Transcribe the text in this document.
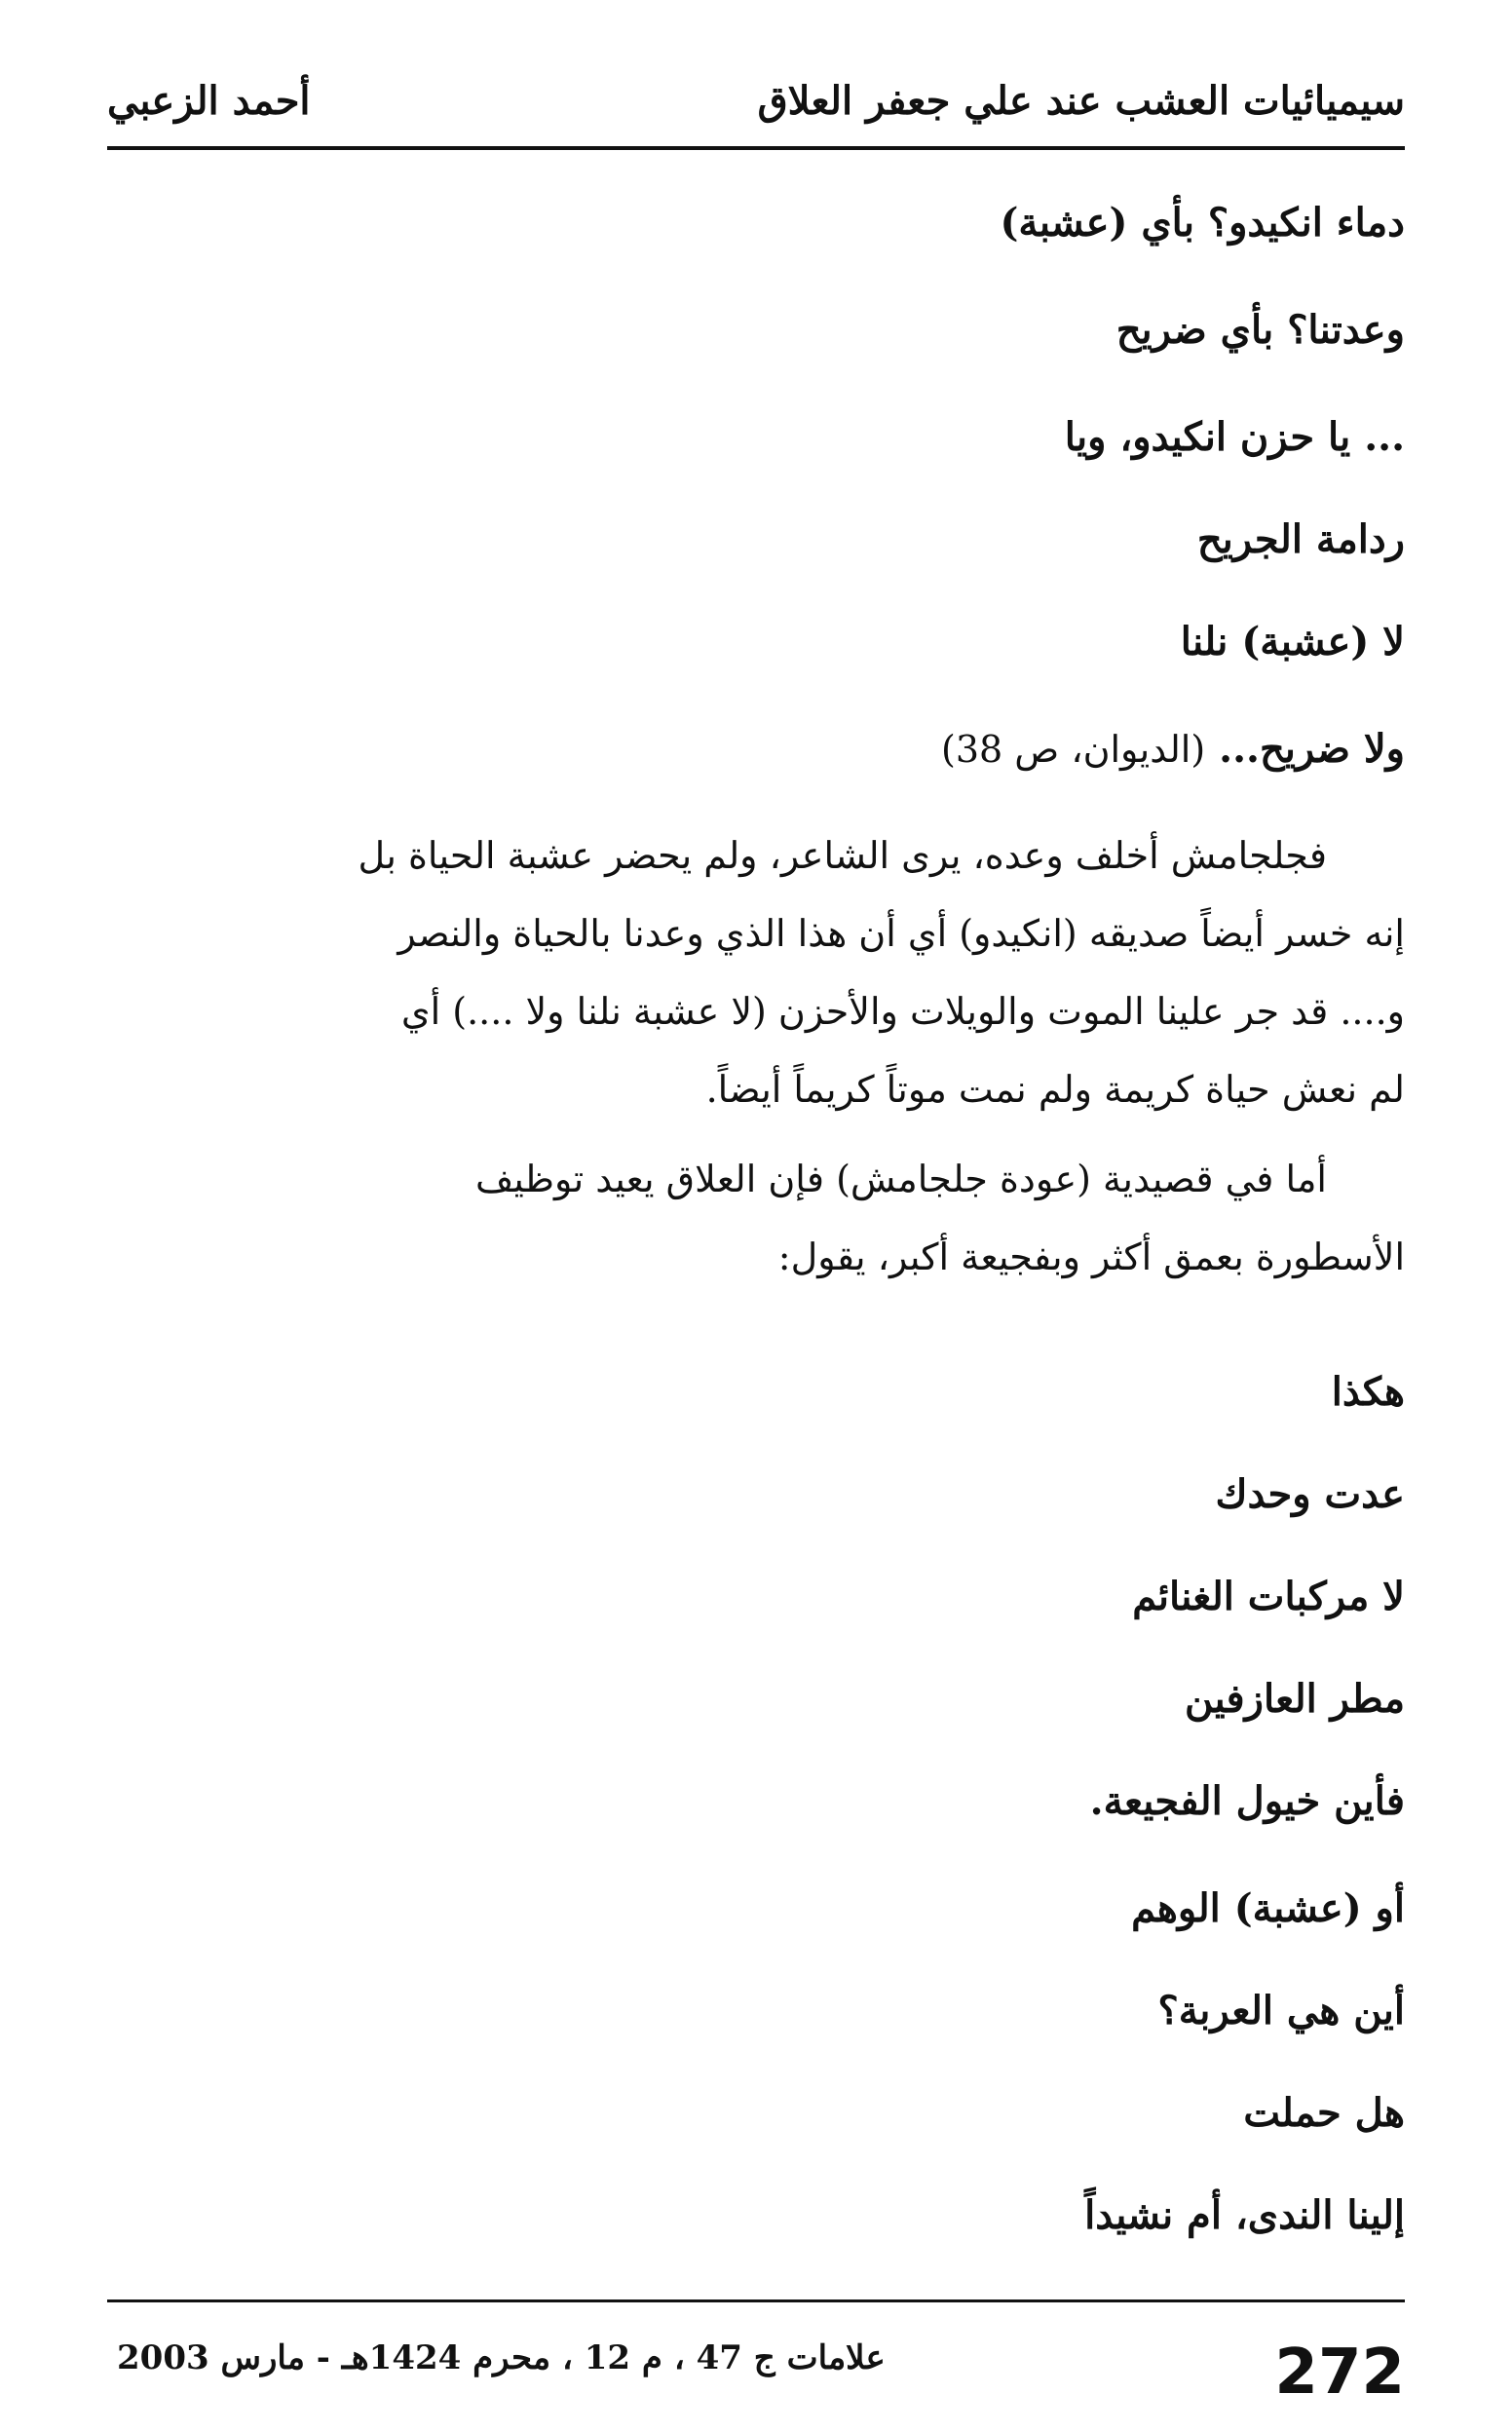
سيميائيات العشب عند علي جعفر العلاق
أحمد الزعبي
دماء انكيدو؟ بأي (عشبة)
وعدتنا؟ بأي ضريح
... يا حزن انكيدو، ويا
ردامة الجريح
لا (عشبة) نلنا
ولا ضريح...(الديوان، ص 38)
فجلجامش أخلف وعده، يرى الشاعر، ولم يحضر عشبة الحياة بل
إنه خسر أيضاً صديقه (انكيدو) أي أن هذا الذي وعدنا بالحياة والنصر
و.... قد جر علينا الموت والويلات والأحزن (لا عشبة نلنا ولا ....) أي
لم نعش حياة كريمة ولم نمت موتاً كريماً أيضاً.
أما في قصيدية (عودة جلجامش) فإن العلاق يعيد توظيف
الأسطورة بعمق أكثر وبفجيعة أكبر، يقول:
هكذا
عدت وحدك
لا مركبات الغنائم
مطر العازفين
فأين خيول الفجيعة.
أو (عشبة) الوهم
أين هي العربة؟
هل حملت
إلينا الندى، أم نشيداً
علامات ج 47 ، م 12 ، محرم 1424هـ - مارس 2003	272
